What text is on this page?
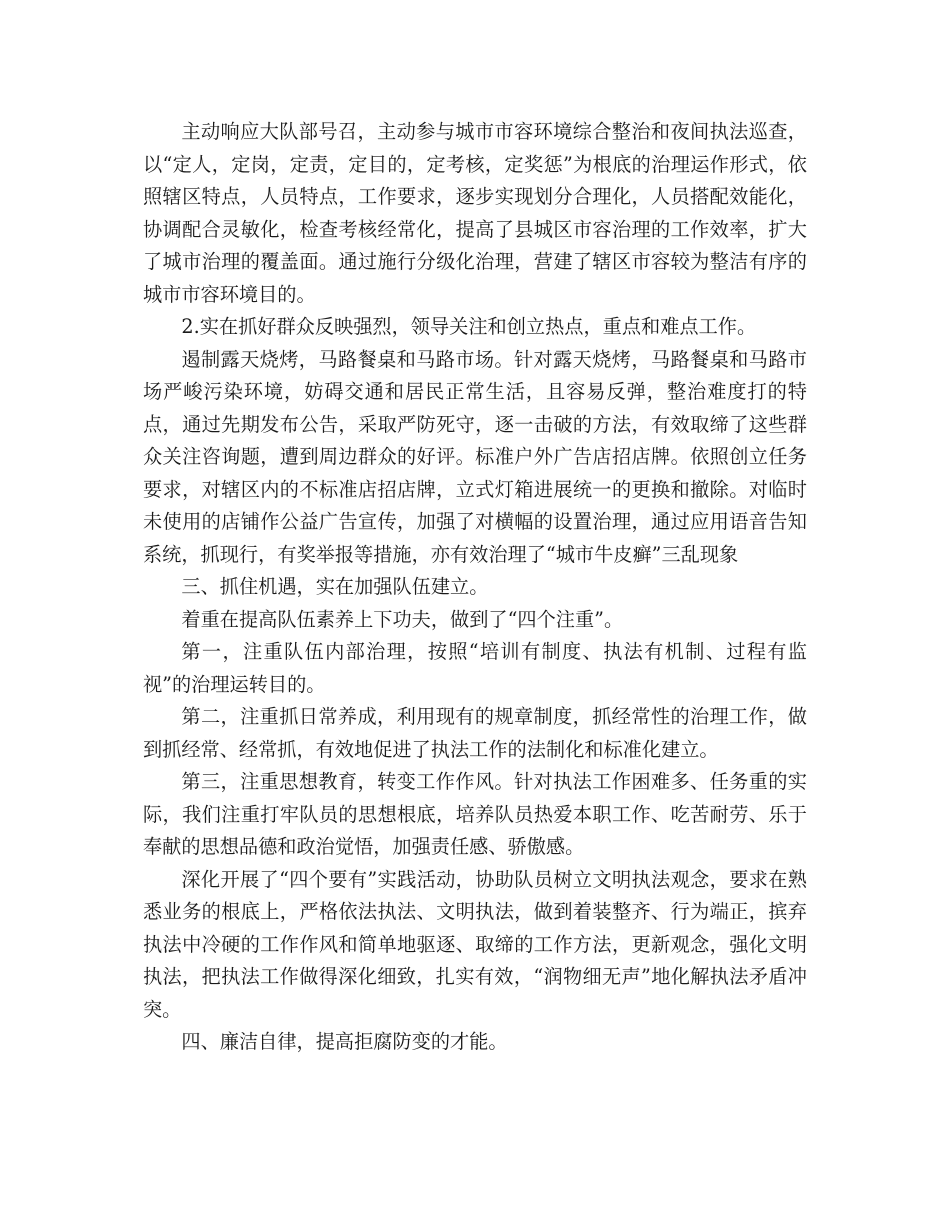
主动响应大队部号召，主动参与城市市容环境综合整治和夜间执法巡查，以“定人，定岗，定责，定目的，定考核，定奖惩”为根底的治理运作形式，依照辖区特点，人员特点，工作要求，逐步实现划分合理化，人员搭配效能化，协调配合灵敏化，检查考核经常化，提高了县城区市容治理的工作效率，扩大了城市治理的覆盖面。通过施行分级化治理，营建了辖区市容较为整洁有序的城市市容环境目的。

2.实在抓好群众反映强烈，领导关注和创立热点，重点和难点工作。

遏制露天烧烤，马路餐桌和马路市场。针对露天烧烤，马路餐桌和马路市场严峻污染环境，妨碍交通和居民正常生活，且容易反弹，整治难度打的特点，通过先期发布公告，采取严防死守，逐一击破的方法，有效取缔了这些群众关注咨询题，遭到周边群众的好评。标准户外广告店招店牌。依照创立任务要求，对辖区内的不标准店招店牌，立式灯箱进展统一的更换和撤除。对临时未使用的店铺作公益广告宣传，加强了对横幅的设置治理，通过应用语音告知系统，抓现行，有奖举报等措施，亦有效治理了“城市牛皮癣”三乱现象

三、抓住机遇，实在加强队伍建立。

着重在提高队伍素养上下功夫，做到了“四个注重”。

第一，注重队伍内部治理，按照“培训有制度、执法有机制、过程有监视”的治理运转目的。

第二，注重抓日常养成，利用现有的规章制度，抓经常性的治理工作，做到抓经常、经常抓，有效地促进了执法工作的法制化和标准化建立。

第三，注重思想教育，转变工作作风。针对执法工作困难多、任务重的实际，我们注重打牢队员的思想根底，培养队员热爱本职工作、吃苦耐劳、乐于奉献的思想品德和政治觉悟，加强责任感、骄傲感。

深化开展了“四个要有”实践活动，协助队员树立文明执法观念，要求在熟悉业务的根底上，严格依法执法、文明执法，做到着装整齐、行为端正，摈弃执法中冷硬的工作作风和简单地驱逐、取缔的工作方法，更新观念，强化文明执法，把执法工作做得深化细致，扎实有效，“润物细无声”地化解执法矛盾冲突。

四、廉洁自律，提高拒腐防变的才能。
